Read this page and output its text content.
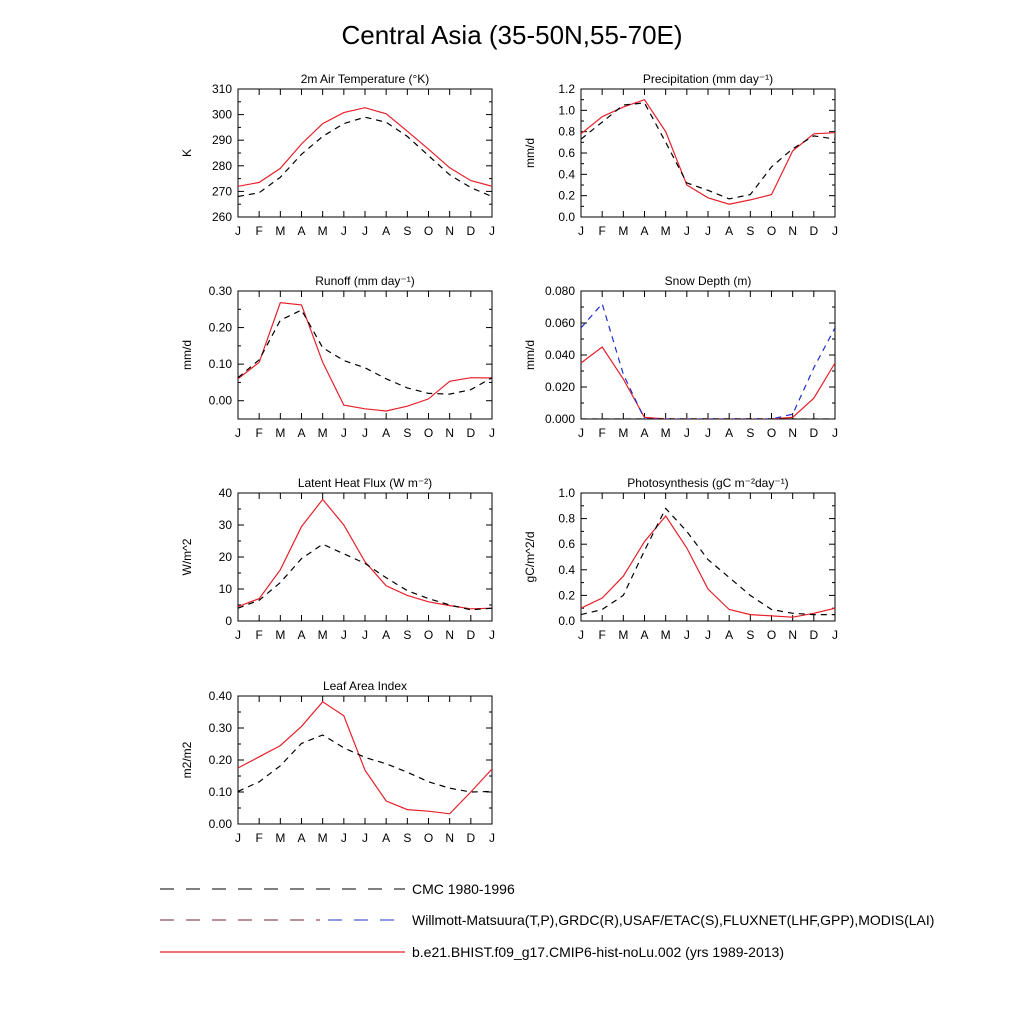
Central Asia (35-50N,55-70E)
2m Air Temperature (°K)
K
J F M A M J J A S O N D J
260
270
280
290
300
310
Precipitation (mm day⁻¹)
mm/d
J F M A M J J A S O N D J
0.0
0.2
0.4
0.6
0.8
1.0
1.2
Runoff (mm day⁻¹)
mm/d
J F M A M J J A S O N D J
0.00
0.10
0.20
0.30
Snow Depth (m)
mm/d
J F M A M J J A S O N D J
0.000
0.020
0.040
0.060
0.080
Latent Heat Flux (W m⁻²)
W/m^2
J F M A M J J A S O N D J
0
10
20
30
40
Photosynthesis (gC m⁻²day⁻¹)
gC/m^2/d
J F M A M J J A S O N D J
0.0
0.2
0.4
0.6
0.8
1.0
Leaf Area Index
m2/m2
J F M A M J J A S O N D J
0.00
0.10
0.20
0.30
0.40
CMC 1980-1996
Willmott-Matsuura(T,P),GRDC(R),USAF/ETAC(S),FLUXNET(LHF,GPP),MODIS(LAI)
b.e21.BHIST.f09_g17.CMIP6-hist-noLu.002 (yrs 1989-2013)
